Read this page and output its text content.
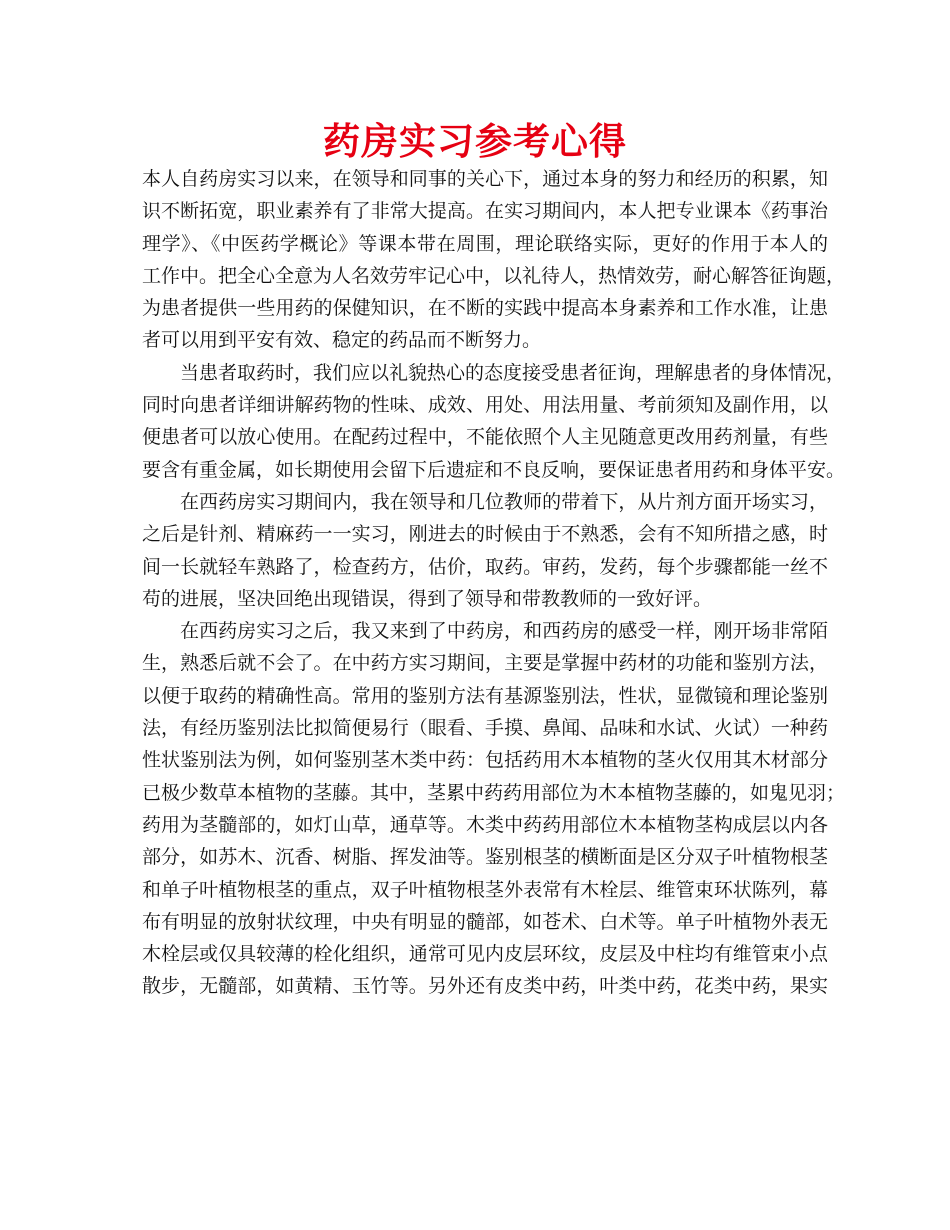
药房实习参考心得
本人自药房实习以来，在领导和同事的关心下，通过本身的努力和经历的积累，知
识不断拓宽，职业素养有了非常大提高。在实习期间内，本人把专业课本《药事治
理学》、《中医药学概论》等课本带在周围，理论联络实际，更好的作用于本人的
工作中。把全心全意为人名效劳牢记心中，以礼待人，热情效劳，耐心解答征询题，
为患者提供一些用药的保健知识，在不断的实践中提高本身素养和工作水准，让患
者可以用到平安有效、稳定的药品而不断努力。
当患者取药时，我们应以礼貌热心的态度接受患者征询，理解患者的身体情况，
同时向患者详细讲解药物的性味、成效、用处、用法用量、考前须知及副作用，以
便患者可以放心使用。在配药过程中，不能依照个人主见随意更改用药剂量，有些
要含有重金属，如长期使用会留下后遗症和不良反响，要保证患者用药和身体平安。
在西药房实习期间内，我在领导和几位教师的带着下，从片剂方面开场实习，
之后是针剂、精麻药一一实习，刚进去的时候由于不熟悉，会有不知所措之感，时
间一长就轻车熟路了，检查药方，估价，取药。审药，发药，每个步骤都能一丝不
苟的进展，坚决回绝出现错误，得到了领导和带教教师的一致好评。
在西药房实习之后，我又来到了中药房，和西药房的感受一样，刚开场非常陌
生，熟悉后就不会了。在中药方实习期间，主要是掌握中药材的功能和鉴别方法，
以便于取药的精确性高。常用的鉴别方法有基源鉴别法，性状，显微镜和理论鉴别
法，有经历鉴别法比拟简便易行（眼看、手摸、鼻闻、品味和水试、火试）一种药
性状鉴别法为例，如何鉴别茎木类中药：包括药用木本植物的茎火仅用其木材部分
已极少数草本植物的茎藤。其中，茎累中药药用部位为木本植物茎藤的，如鬼见羽；
药用为茎髓部的，如灯山草，通草等。木类中药药用部位木本植物茎构成层以内各
部分，如苏木、沉香、树脂、挥发油等。鉴别根茎的横断面是区分双子叶植物根茎
和单子叶植物根茎的重点，双子叶植物根茎外表常有木栓层、维管束环状陈列，幕
布有明显的放射状纹理，中央有明显的髓部，如苍术、白术等。单子叶植物外表无
木栓层或仅具较薄的栓化组织，通常可见内皮层环纹，皮层及中柱均有维管束小点
散步，无髓部，如黄精、玉竹等。另外还有皮类中药，叶类中药，花类中药，果实
